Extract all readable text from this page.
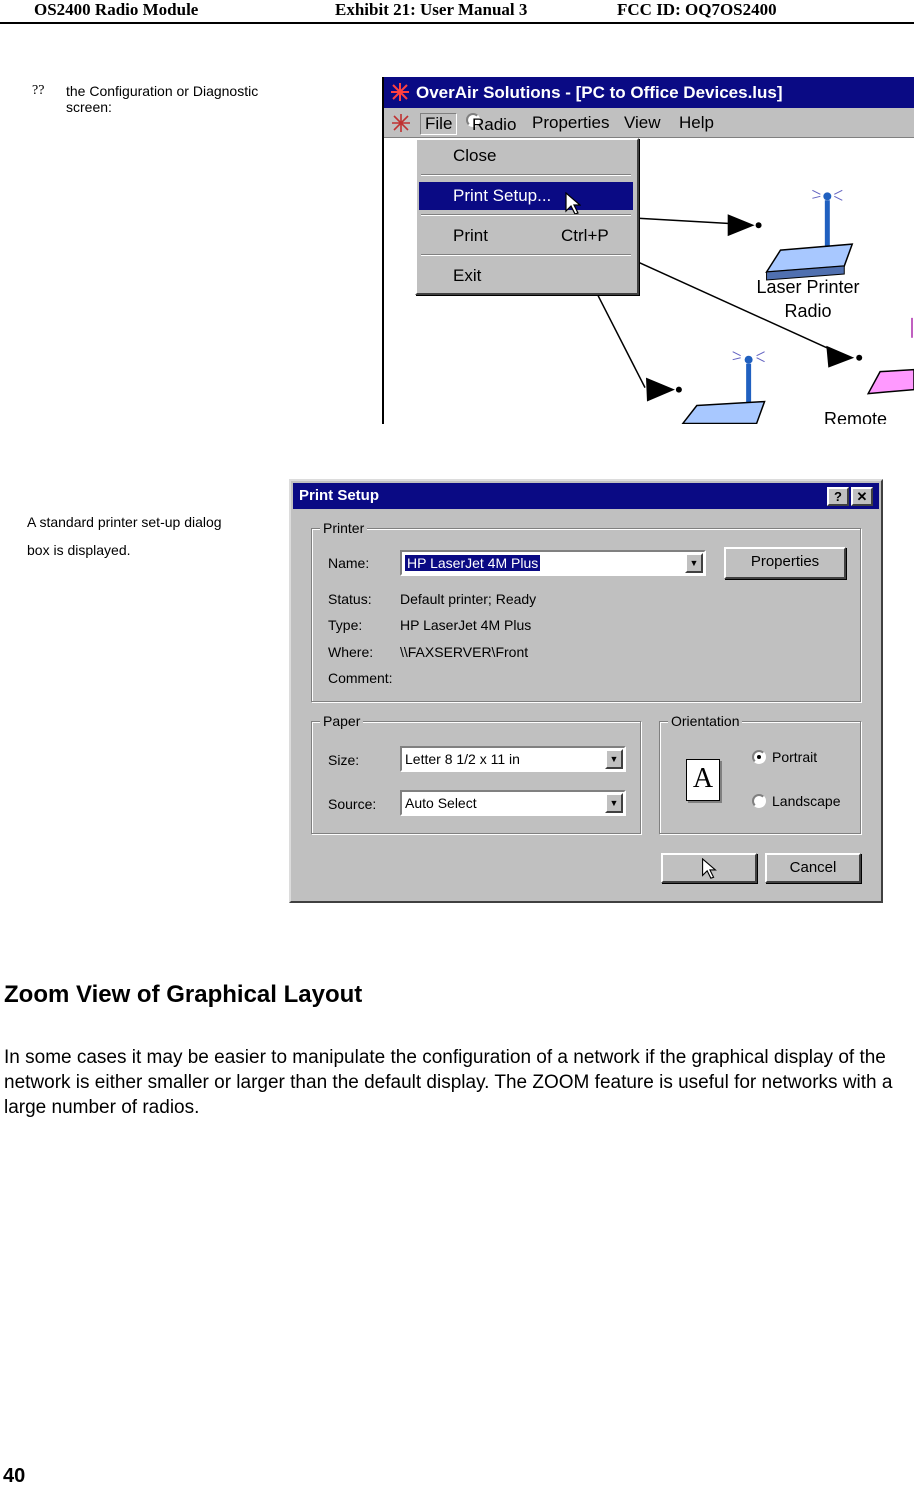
OS2400 Radio Module	Exhibit 21: User Manual 3	FCC ID: OQ7OS2400
?? the Configuration or Diagnostic screen:
OverAir Solutions - [PC to Office Devices.lus]
File	Radio Properties View Help
Laser Printer
Radio
Remote
Close
Print Setup...
Print	Ctrl+P
Exit
A standard printer set-up dialog box is displayed.
Print Setup	?	✕
Printer
Name:	HP LaserJet 4M Plus	▼	Properties
Status: Default printer; Ready
Type:	HP LaserJet 4M Plus
Where: \\FAXSERVER\Front
Comment:
Paper
Size:	Letter 8 1/2 x 11 in	▼
Source:	Auto Select	▼
Orientation
A
Portrait
Landscape
Cancel
Zoom View of Graphical Layout
In some cases it may be easier to manipulate the configuration of a network if the graphical display of the network is either smaller or larger than the default display. The ZOOM feature is useful for networks with a large number of radios.
40
